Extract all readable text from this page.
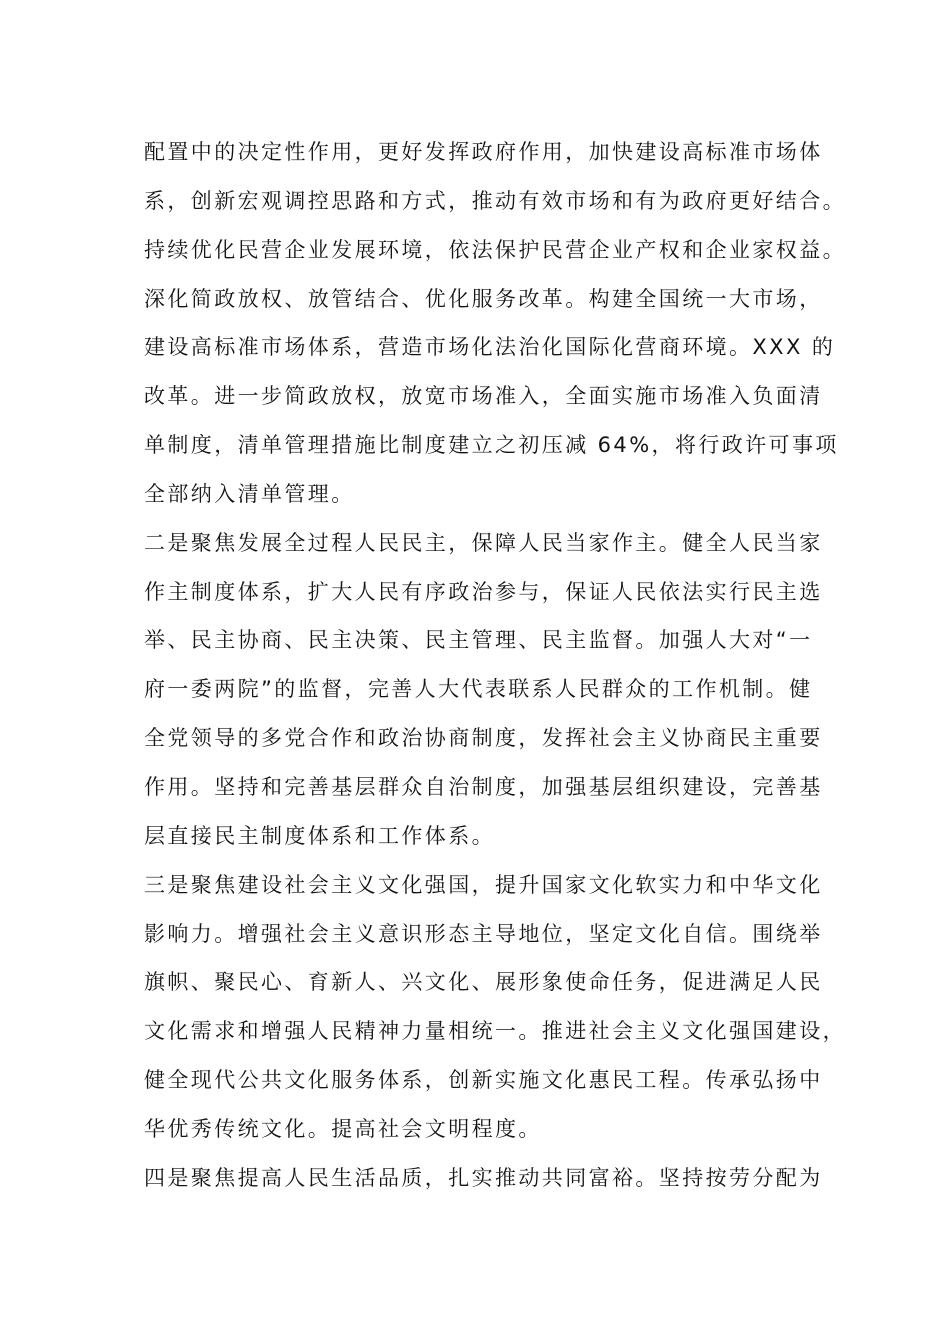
配置中的决定性作用，更好发挥政府作用，加快建设高标准市场体
系，创新宏观调控思路和方式，推动有效市场和有为政府更好结合。
持续优化民营企业发展环境，依法保护民营企业产权和企业家权益。
深化简政放权、放管结合、优化服务改革。构建全国统一大市场，
建设高标准市场体系，营造市场化法治化国际化营商环境。XXX 的
改革。进一步简政放权，放宽市场准入，全面实施市场准入负面清
单制度，清单管理措施比制度建立之初压减 64%，将行政许可事项
全部纳入清单管理。
二是聚焦发展全过程人民民主，保障人民当家作主。健全人民当家
作主制度体系，扩大人民有序政治参与，保证人民依法实行民主选
举、民主协商、民主决策、民主管理、民主监督。加强人大对“一
府一委两院”的监督，完善人大代表联系人民群众的工作机制。健
全党领导的多党合作和政治协商制度，发挥社会主义协商民主重要
作用。坚持和完善基层群众自治制度，加强基层组织建设，完善基
层直接民主制度体系和工作体系。
三是聚焦建设社会主义文化强国，提升国家文化软实力和中华文化
影响力。增强社会主义意识形态主导地位，坚定文化自信。围绕举
旗帜、聚民心、育新人、兴文化、展形象使命任务，促进满足人民
文化需求和增强人民精神力量相统一。推进社会主义文化强国建设，
健全现代公共文化服务体系，创新实施文化惠民工程。传承弘扬中
华优秀传统文化。提高社会文明程度。
四是聚焦提高人民生活品质，扎实推动共同富裕。坚持按劳分配为
